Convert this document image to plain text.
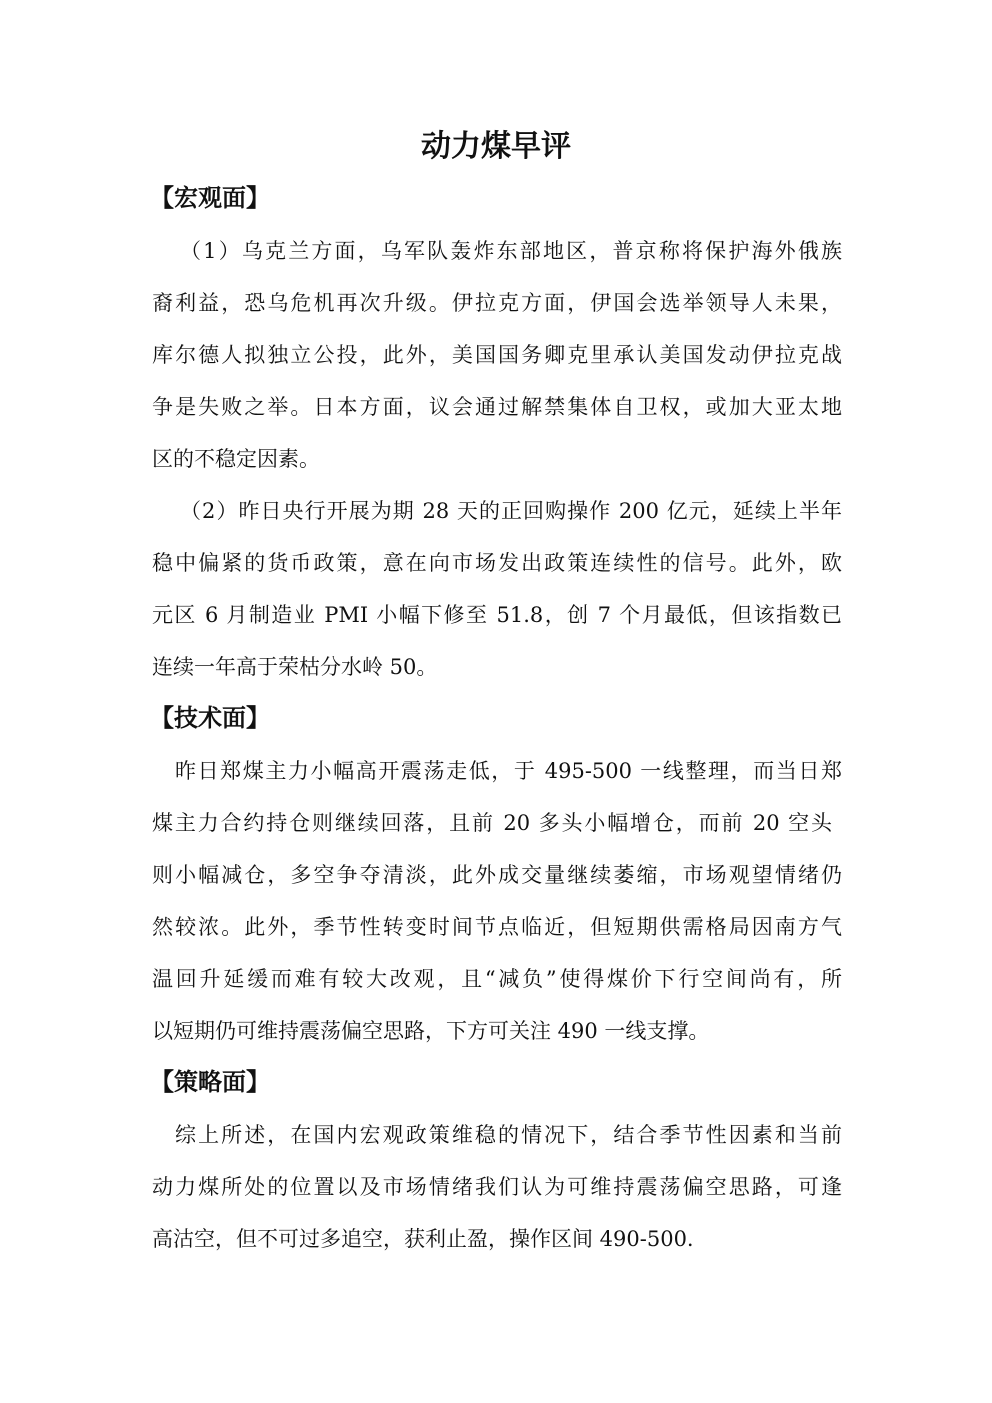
动力煤早评
【宏观面】

（1）乌克兰方面，乌军队轰炸东部地区，普京称将保护海外俄族

裔利益，恐乌危机再次升级。伊拉克方面，伊国会选举领导人未果，

库尔德人拟独立公投，此外，美国国务卿克里承认美国发动伊拉克战

争是失败之举。日本方面，议会通过解禁集体自卫权，或加大亚太地

区的不稳定因素。

（2）昨日央行开展为期 28 天的正回购操作 200 亿元，延续上半年

稳中偏紧的货币政策，意在向市场发出政策连续性的信号。此外，欧

元区 6 月制造业 PMI 小幅下修至 51.8，创 7 个月最低，但该指数已

连续一年高于荣枯分水岭 50。

【技术面】

昨日郑煤主力小幅高开震荡走低，于 495-500 一线整理，而当日郑

煤主力合约持仓则继续回落，且前 20 多头小幅增仓，而前 20 空头

则小幅减仓，多空争夺清淡，此外成交量继续萎缩，市场观望情绪仍

然较浓。此外，季节性转变时间节点临近，但短期供需格局因南方气

温回升延缓而难有较大改观，且“减负”使得煤价下行空间尚有，所

以短期仍可维持震荡偏空思路，下方可关注 490 一线支撑。

【策略面】

综上所述，在国内宏观政策维稳的情况下，结合季节性因素和当前

动力煤所处的位置以及市场情绪我们认为可维持震荡偏空思路，可逢

高沽空，但不可过多追空，获利止盈，操作区间 490-500.
